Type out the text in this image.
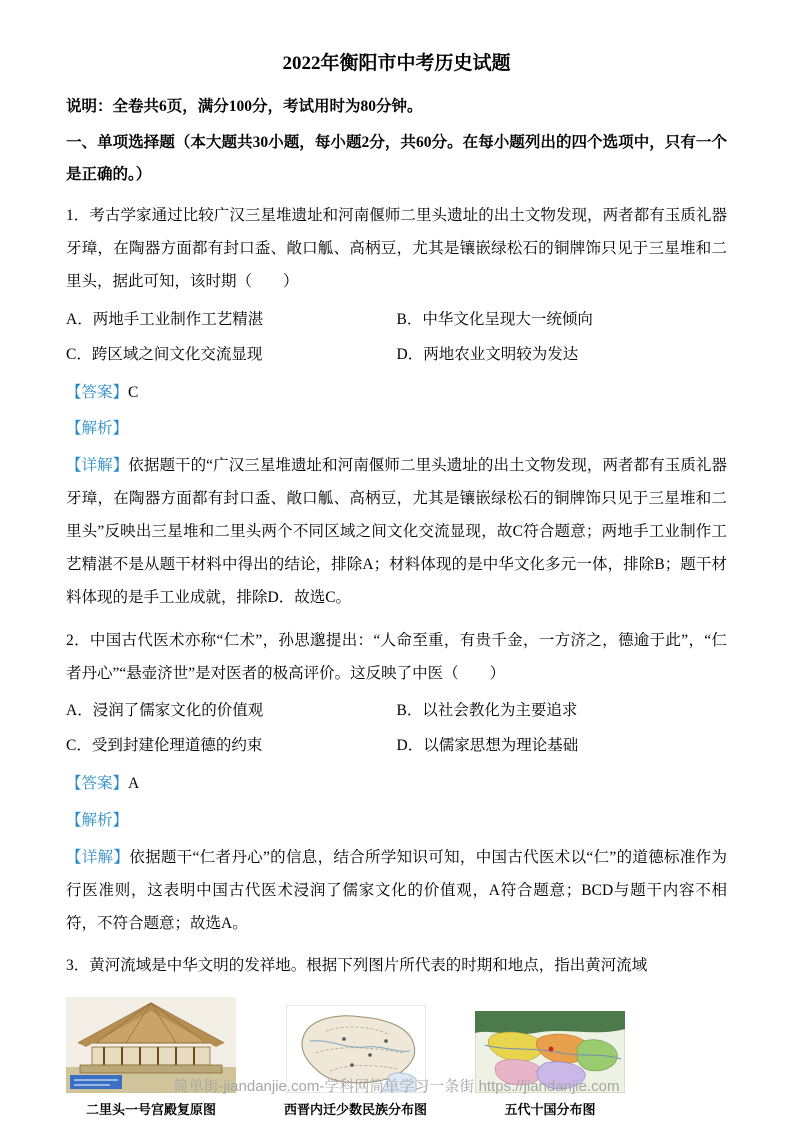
2022年衡阳市中考历史试题

说明：全卷共6页，满分100分，考试用时为80分钟。

一、单项选择题（本大题共30小题，每小题2分，共60分。在每小题列出的四个选项中，只有一个是正确的。）

1．考古学家通过比较广汉三星堆遗址和河南偃师二里头遗址的出土文物发现，两者都有玉质礼器牙璋，在陶器方面都有封口盉、敞口觚、高柄豆，尤其是镶嵌绿松石的铜牌饰只见于三星堆和二里头，据此可知，该时期（　　）

A．两地手工业制作工艺精湛	B．中华文化呈现大一统倾向
C．跨区域之间文化交流显现	D．两地农业文明较为发达

【答案】C

【解析】

【详解】依据题干的“广汉三星堆遗址和河南偃师二里头遗址的出土文物发现，两者都有玉质礼器牙璋，在陶器方面都有封口盉、敞口觚、高柄豆，尤其是镶嵌绿松石的铜牌饰只见于三星堆和二里头”反映出三星堆和二里头两个不同区域之间文化交流显现，故C符合题意；两地手工业制作工艺精湛不是从题干材料中得出的结论，排除A；材料体现的是中华文化多元一体，排除B；题干材料体现的是手工业成就，排除D．故选C。

2．中国古代医术亦称“仁术”，孙思邈提出：“人命至重，有贵千金，一方济之，德逾于此”，“仁者丹心”“悬壶济世”是对医者的极高评价。这反映了中医（　　）

A．浸润了儒家文化的价值观	B．以社会教化为主要追求
C．受到封建伦理道德的约束	D．以儒家思想为理论基础

【答案】A

【解析】

【详解】依据题干“仁者丹心”的信息，结合所学知识可知，中国古代医术以“仁”的道德标准作为行医准则，这表明中国古代医术浸润了儒家文化的价值观，A符合题意；BCD与题干内容不相符，不符合题意；故选A。

3．黄河流域是中华文明的发祥地。根据下列图片所代表的时期和地点，指出黄河流域

二里头一号宫殿复原图	西晋内迁少数民族分布图	五代十国分布图
简单街-jiandanjie.com-学科网简单学习一条街 https://jiandanjie.com
